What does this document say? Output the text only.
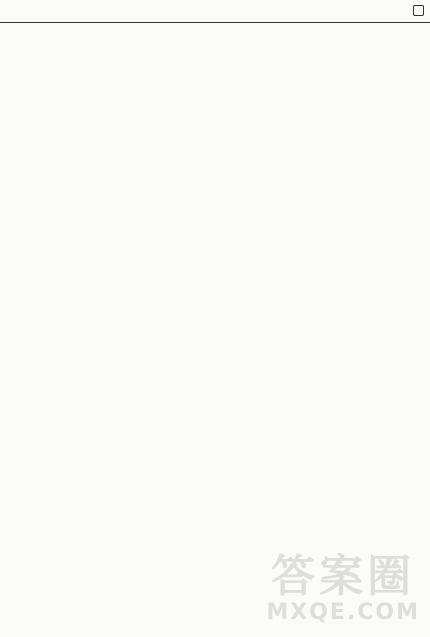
答案圈
MXQE.COM
